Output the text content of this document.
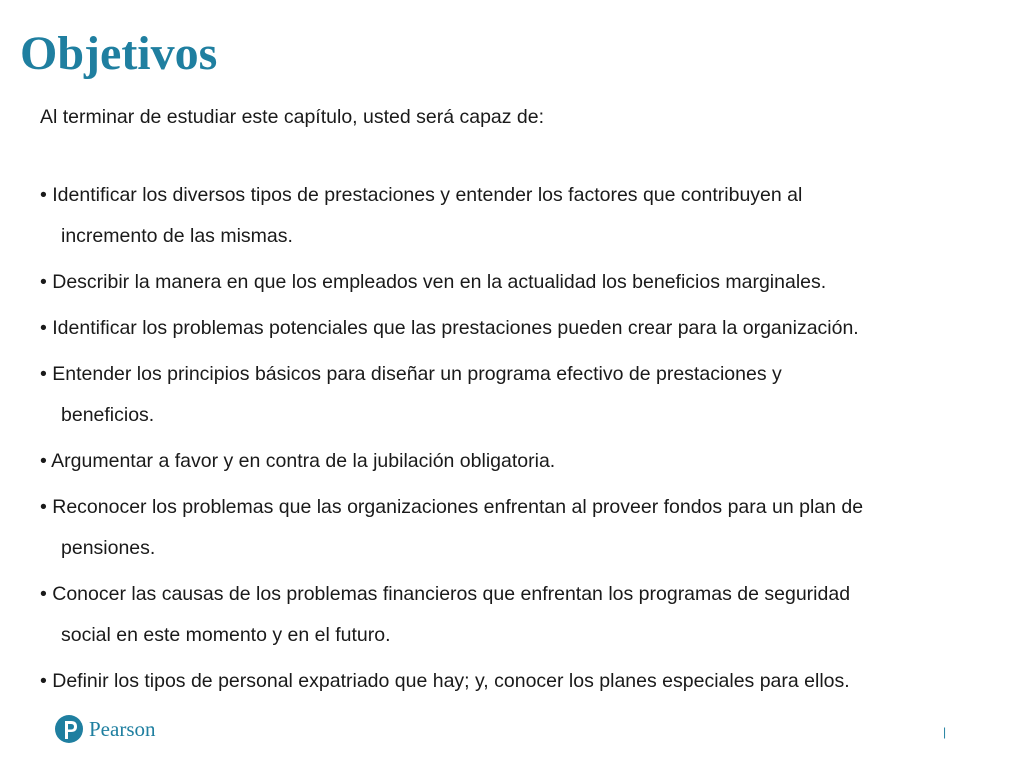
Objetivos

Al terminar de estudiar este capítulo, usted será capaz de:

• Identificar los diversos tipos de prestaciones y entender los factores que contribuyen al
incremento de las mismas.
• Describir la manera en que los empleados ven en la actualidad los beneficios marginales.
• Identificar los problemas potenciales que las prestaciones pueden crear para la organización.
• Entender los principios básicos para diseñar un programa efectivo de prestaciones y
beneficios.
• Argumentar a favor y en contra de la jubilación obligatoria.
• Reconocer los problemas que las organizaciones enfrentan al proveer fondos para un plan de
pensiones.
• Conocer las causas de los problemas financieros que enfrentan los programas de seguridad
social en este momento y en el futuro.
• Definir los tipos de personal expatriado que hay; y, conocer los planes especiales para ellos.
Pearson	|
